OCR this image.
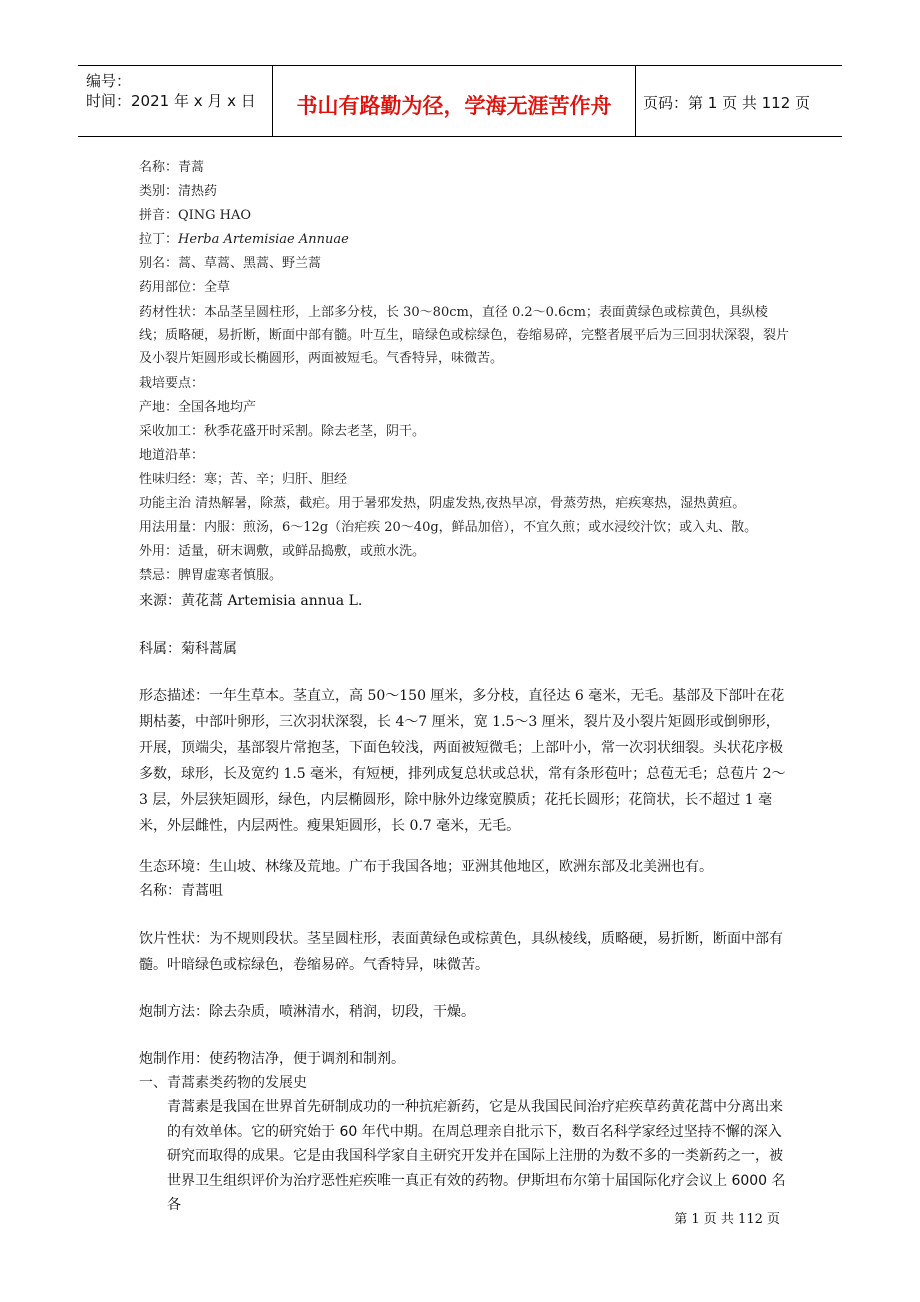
编号：
时间：2021 年 x 月 x 日	书山有路勤为径，学海无涯苦作舟	页码：第 1 页 共 112 页
名称：青蒿
类别：清热药
拼音：QING HAO
拉丁：Herba Artemisiae Annuae
别名：蒿、草蒿、黑蒿、野兰蒿
药用部位：全草
药材性状：本品茎呈圆柱形，上部多分枝，长 30～80cm，直径 0.2～0.6cm；表面黄绿色或棕黄色，具纵棱线；质略硬，易折断，断面中部有髓。叶互生，暗绿色或棕绿色，卷缩易碎，完整者展平后为三回羽状深裂，裂片及小裂片矩圆形或长椭圆形，两面被短毛。气香特异，味微苦。
栽培要点：
产地：全国各地均产
采收加工：秋季花盛开时采割。除去老茎，阴干。
地道沿革：
性味归经：寒；苦、辛；归肝、胆经
功能主治 清热解暑，除蒸，截疟。用于暑邪发热，阴虚发热,夜热早凉，骨蒸劳热，疟疾寒热，湿热黄疸。
用法用量：内服：煎汤，6～12g（治疟疾 20～40g，鲜品加倍），不宜久煎；或水浸绞汁饮；或入丸、散。
外用：适量，研末调敷，或鲜品捣敷，或煎水洗。
禁忌：脾胃虚寒者慎服。
来源：黄花蒿 Artemisia annua L.
科属：菊科蒿属
形态描述：一年生草本。茎直立，高 50～150 厘米，多分枝，直径达 6 毫米，无毛。基部及下部叶在花期枯萎，中部叶卵形，三次羽状深裂，长 4～7 厘米，宽 1.5～3 厘米，裂片及小裂片矩圆形或倒卵形，开展，顶端尖，基部裂片常抱茎，下面色较浅，两面被短微毛；上部叶小，常一次羽状细裂。头状花序极多数，球形，长及宽约 1.5 毫米，有短梗，排列成复总状或总状，常有条形苞叶；总苞无毛；总苞片 2～3 层，外层狭矩圆形，绿色，内层椭圆形，除中脉外边缘宽膜质；花托长圆形；花筒状，长不超过 1 毫米，外层雌性，内层两性。瘦果矩圆形，长 0.7 毫米，无毛。
生态环境：生山坡、林缘及荒地。广布于我国各地；亚洲其他地区，欧洲东部及北美洲也有。
名称：青蒿咀
饮片性状：为不规则段状。茎呈圆柱形，表面黄绿色或棕黄色，具纵棱线，质略硬，易折断，断面中部有髓。叶暗绿色或棕绿色，卷缩易碎。气香特异，味微苦。
炮制方法：除去杂质，喷淋清水，稍润，切段，干燥。
炮制作用：使药物洁净，便于调剂和制剂。
一、青蒿素类药物的发展史
青蒿素是我国在世界首先研制成功的一种抗疟新药，它是从我国民间治疗疟疾草药黄花蒿中分离出来的有效单体。它的研究始于 60 年代中期。在周总理亲自批示下，数百名科学家经过坚持不懈的深入研究而取得的成果。它是由我国科学家自主研究开发并在国际上注册的为数不多的一类新药之一，被世界卫生组织评价为治疗恶性疟疾唯一真正有效的药物。伊斯坦布尔第十届国际化疗会议上 6000 名各
第 1 页 共 112 页
